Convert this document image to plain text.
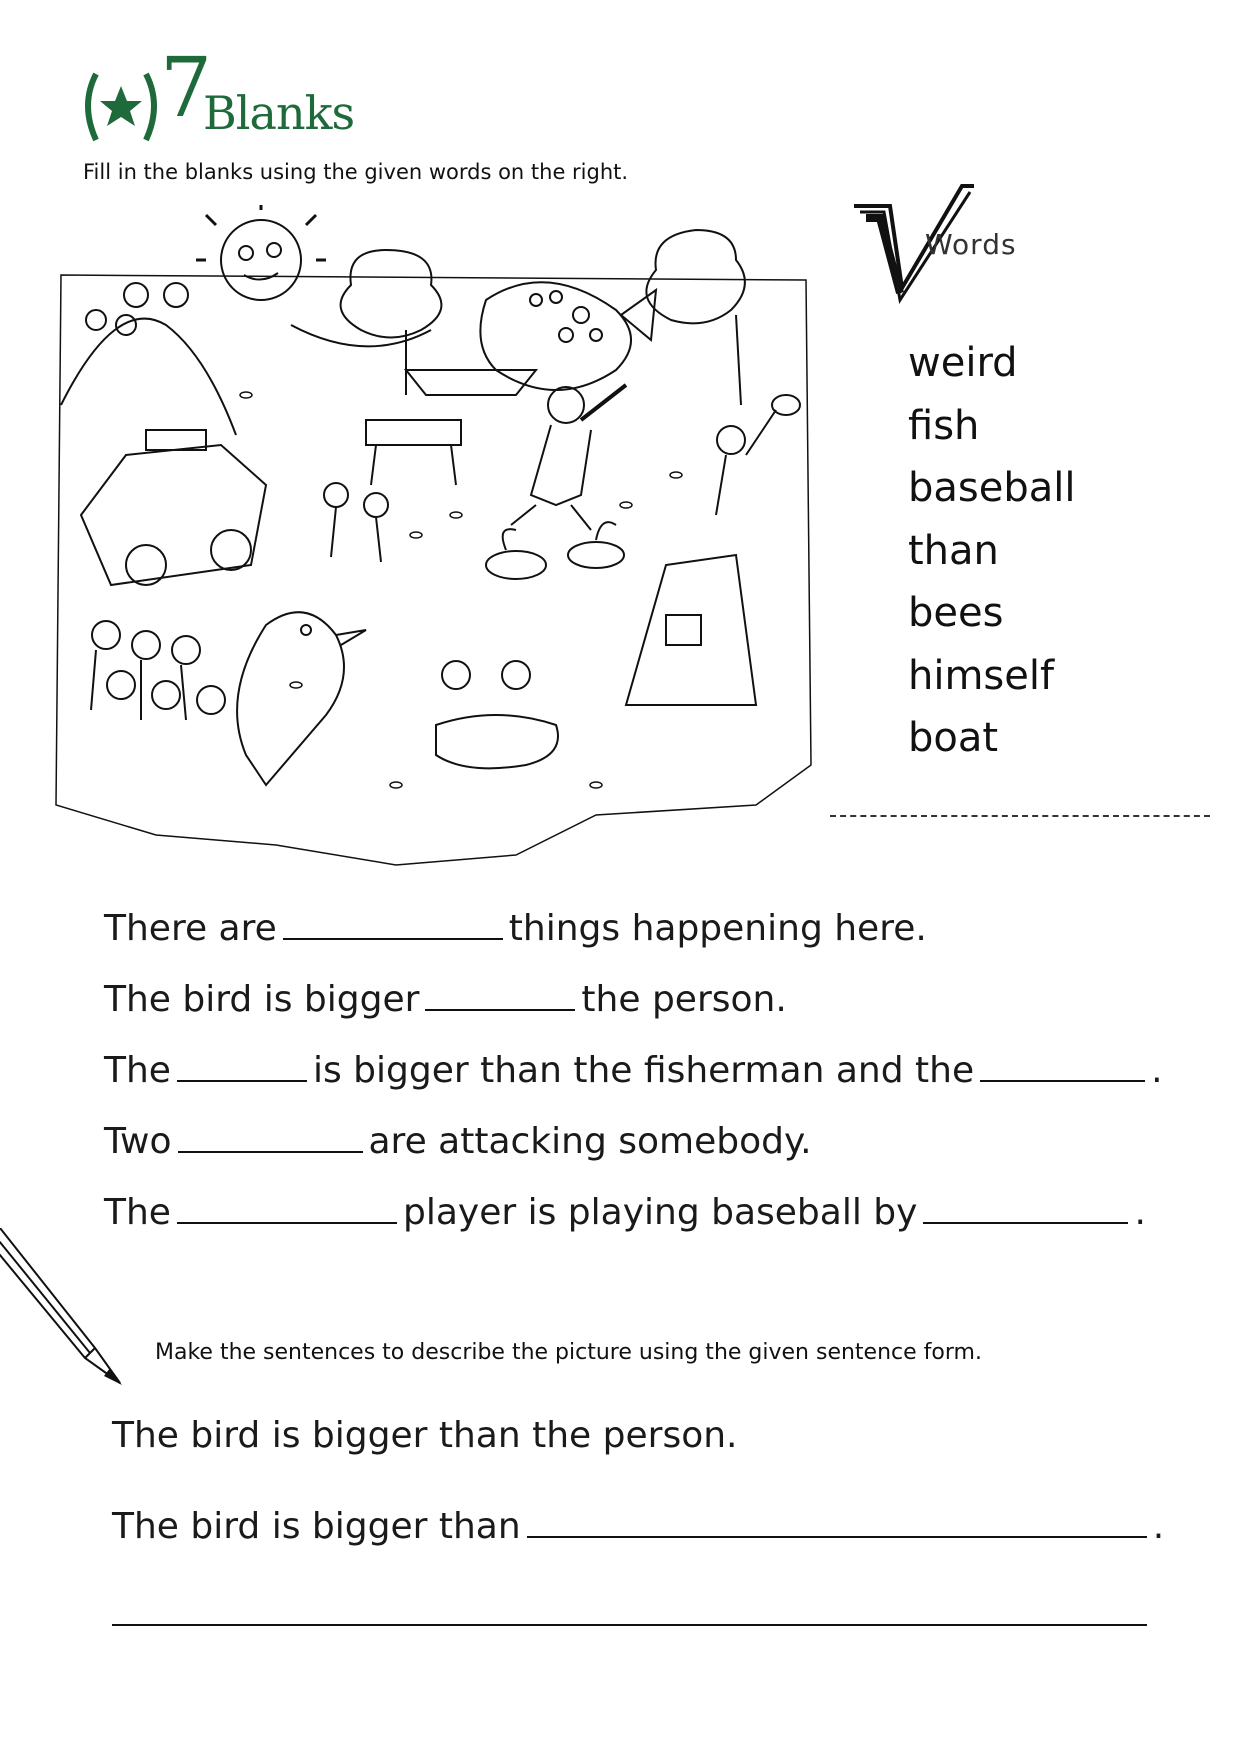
7
Blanks
Fill in the blanks using the given words on the right.
Words
weird
fish
baseball
than
bees
himself
boat
There are	things happening here.
The bird is bigger	the person.
The	is bigger than the fisherman and the	.
Two	are attacking somebody.
The	player is playing baseball by	.
Make the sentences to describe the picture using the given sentence form.
The bird is bigger than the person.
The bird is bigger than	.
